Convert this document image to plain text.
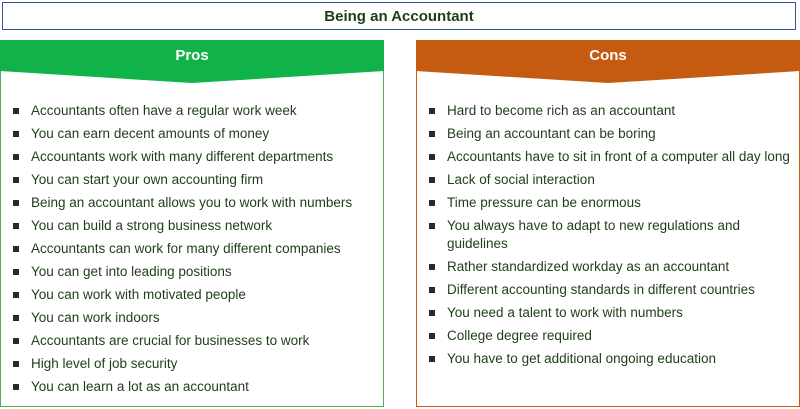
Being an Accountant
Pros
Accountants often have a regular work week
You can earn decent amounts of money
Accountants work with many different departments
You can start your own accounting firm
Being an accountant allows you to work with numbers
You can build a strong business network
Accountants can work for many different companies
You can get into leading positions
You can work with motivated people
You can work indoors
Accountants are crucial for businesses to work
High level of job security
You can learn a lot as an accountant
Cons
Hard to become rich as an accountant
Being an accountant can be boring
Accountants have to sit in front of a computer all day long
Lack of social interaction
Time pressure can be enormous
You always have to adapt to new regulations and guidelines
Rather standardized workday as an accountant
Different accounting standards in different countries
You need a talent to work with numbers
College degree required
You have to get additional ongoing education
